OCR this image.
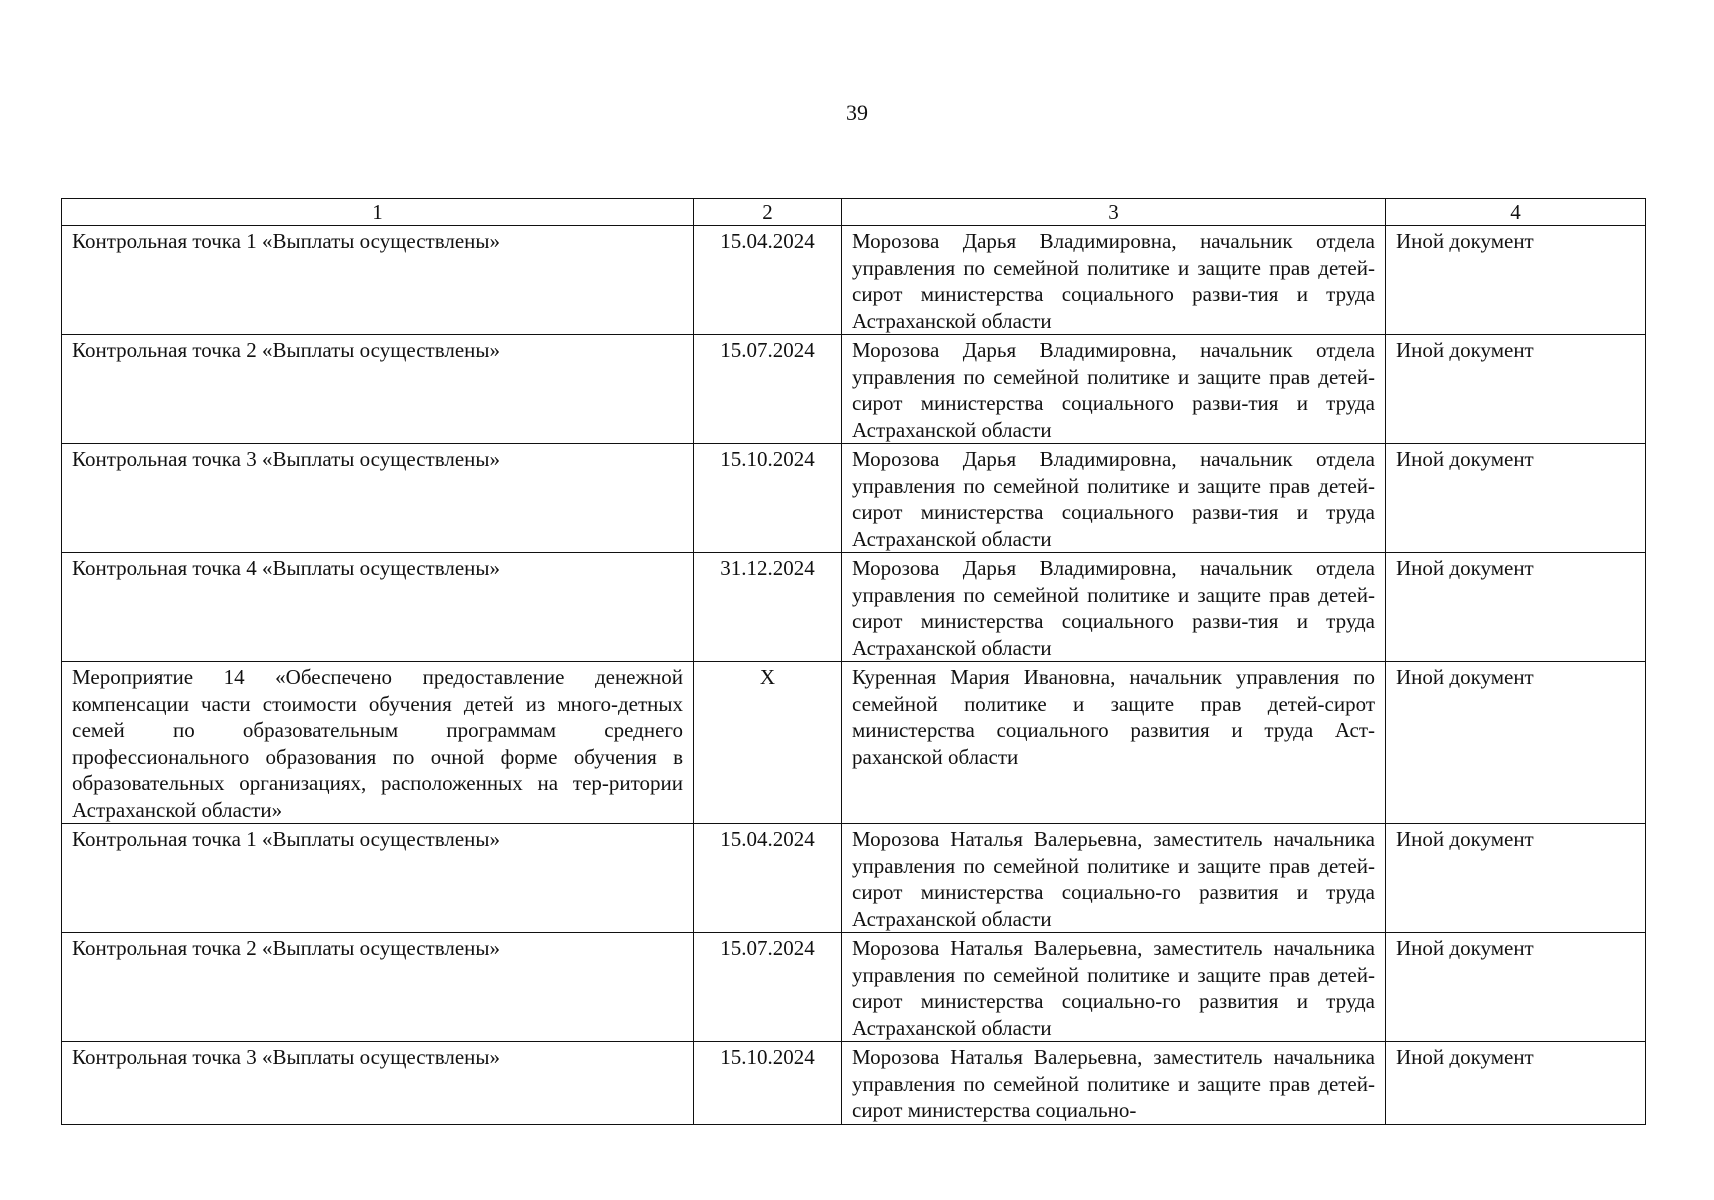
39
1	2	3	4
Контрольная точка 1 «Выплаты осуществлены»	15.04.2024	Морозова Дарья Владимировна, начальник отдела управления по семейной политике и защите прав детей-сирот министерства социального разви-тия и труда Астраханской области	Иной документ
Контрольная точка 2 «Выплаты осуществлены»	15.07.2024	Морозова Дарья Владимировна, начальник отдела управления по семейной политике и защите прав детей-сирот министерства социального разви-тия и труда Астраханской области	Иной документ
Контрольная точка 3 «Выплаты осуществлены»	15.10.2024	Морозова Дарья Владимировна, начальник отдела управления по семейной политике и защите прав детей-сирот министерства социального разви-тия и труда Астраханской области	Иной документ
Контрольная точка 4 «Выплаты осуществлены»	31.12.2024	Морозова Дарья Владимировна, начальник отдела управления по семейной политике и защите прав детей-сирот министерства социального разви-тия и труда Астраханской области	Иной документ
Мероприятие 14 «Обеспечено предоставление денежной компенсации части стоимости обучения детей из много-детных семей по образовательным программам среднего профессионального образования по очной форме обучения в образовательных организациях, расположенных на тер-ритории Астраханской области»	X	Куренная Мария Ивановна, начальник управления по семейной политике и защите прав детей-сирот министерства социального развития и труда Аст-раханской области	Иной документ
Контрольная точка 1 «Выплаты осуществлены»	15.04.2024	Морозова Наталья Валерьевна, заместитель начальника управления по семейной политике и защите прав детей-сирот министерства социально-го развития и труда Астраханской области	Иной документ
Контрольная точка 2 «Выплаты осуществлены»	15.07.2024	Морозова Наталья Валерьевна, заместитель начальника управления по семейной политике и защите прав детей-сирот министерства социально-го развития и труда Астраханской области	Иной документ
Контрольная точка 3 «Выплаты осуществлены»	15.10.2024	Морозова Наталья Валерьевна, заместитель начальника управления по семейной политике и защите прав детей-сирот министерства социально-	Иной документ
